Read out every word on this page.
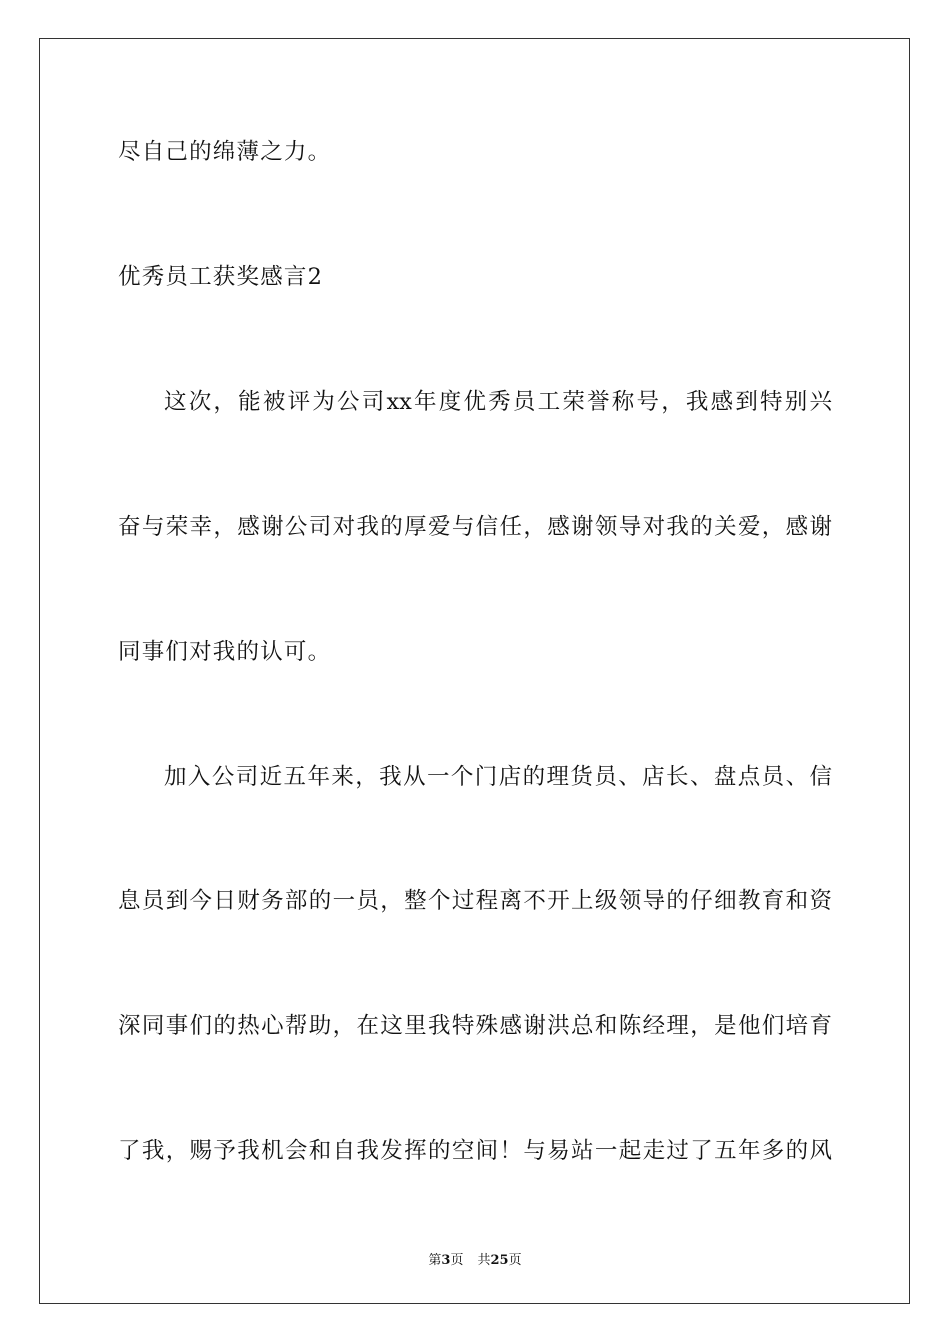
尽自己的绵薄之力。
优秀员工获奖感言2
这次，能被评为公司xx年度优秀员工荣誉称号，我感到特别兴
奋与荣幸，感谢公司对我的厚爱与信任，感谢领导对我的关爱，感谢
同事们对我的认可。
加入公司近五年来，我从一个门店的理货员、店长、盘点员、信
息员到今日财务部的一员，整个过程离不开上级领导的仔细教育和资
深同事们的热心帮助，在这里我特殊感谢洪总和陈经理，是他们培育
了我，赐予我机会和自我发挥的空间！与易站一起走过了五年多的风
第3页 共25页
